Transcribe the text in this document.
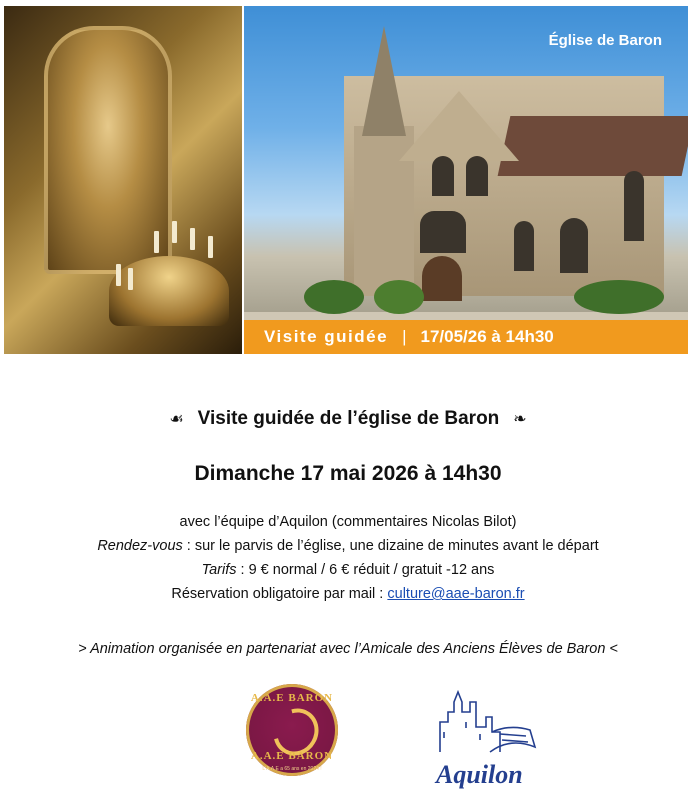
Église de Baron
Visite guidée | 17/05/26 à 14h30
☙ Visite guidée de l’église de Baron ❧
Dimanche 17 mai 2026 à 14h30
avec l’équipe d’Aquilon (commentaires Nicolas Bilot)
Rendez-vous : sur le parvis de l’église, une dizaine de minutes avant le départ
Tarifs : 9 € normal / 6 € réduit / gratuit -12 ans
Réservation obligatoire par mail : culture@aae-baron.fr
> Animation organisée en partenariat avec l’Amicale des Anciens Élèves de Baron <
A.A.E BARON
A.A.E BARON
L'A.A.E a 65 ans en 2024 !	Aquilon
